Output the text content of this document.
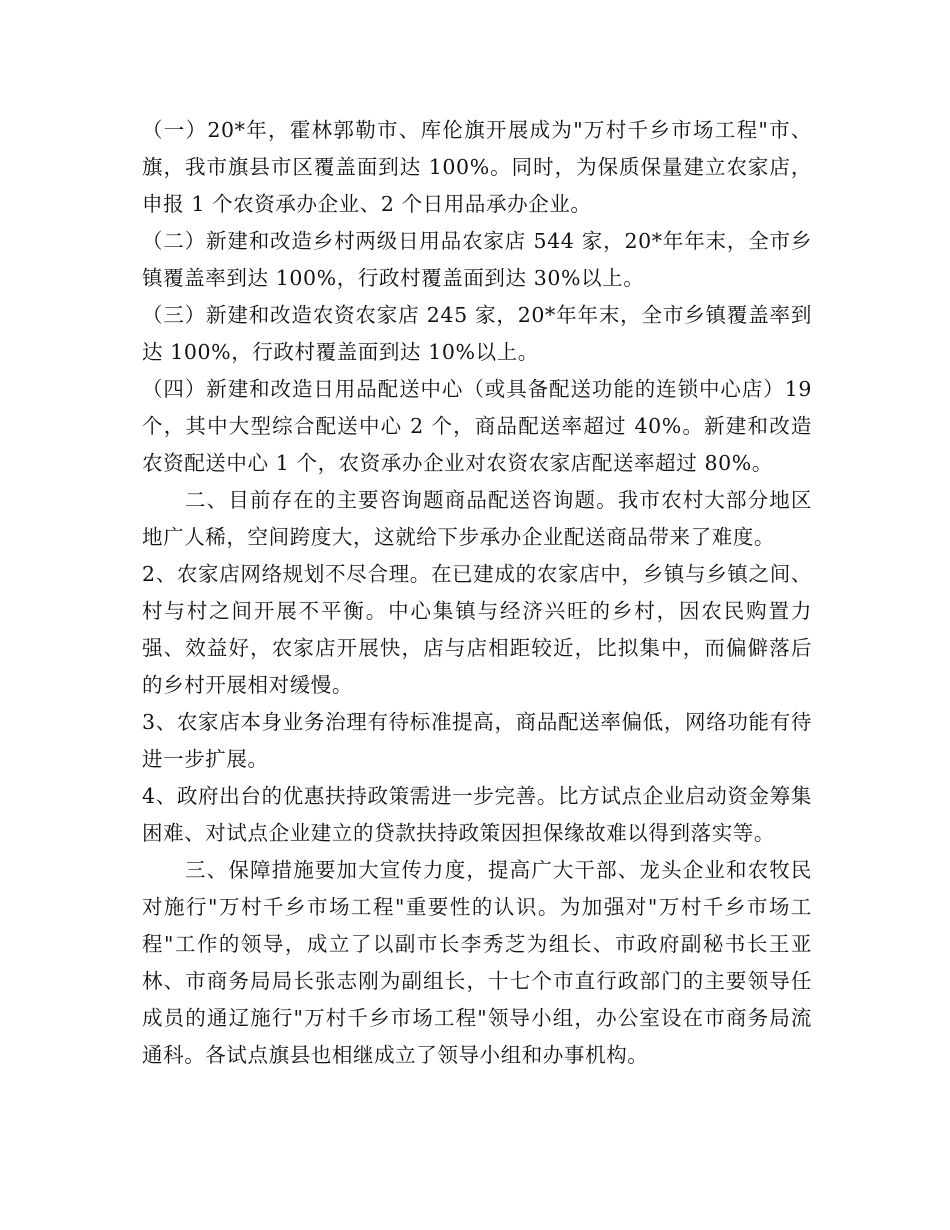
（一）20*年，霍林郭勒市、库伦旗开展成为"万村千乡市场工程"市、旗，我市旗县市区覆盖面到达 100%。同时，为保质保量建立农家店，申报 1 个农资承办企业、2 个日用品承办企业。

（二）新建和改造乡村两级日用品农家店 544 家，20*年年末，全市乡镇覆盖率到达 100%，行政村覆盖面到达 30%以上。

（三）新建和改造农资农家店 245 家，20*年年末，全市乡镇覆盖率到达 100%，行政村覆盖面到达 10%以上。

（四）新建和改造日用品配送中心（或具备配送功能的连锁中心店）19 个，其中大型综合配送中心 2 个，商品配送率超过 40%。新建和改造农资配送中心 1 个，农资承办企业对农资农家店配送率超过 80%。

二、目前存在的主要咨询题商品配送咨询题。我市农村大部分地区地广人稀，空间跨度大，这就给下步承办企业配送商品带来了难度。

2、农家店网络规划不尽合理。在已建成的农家店中，乡镇与乡镇之间、村与村之间开展不平衡。中心集镇与经济兴旺的乡村，因农民购置力强、效益好，农家店开展快，店与店相距较近，比拟集中，而偏僻落后的乡村开展相对缓慢。

3、农家店本身业务治理有待标准提高，商品配送率偏低，网络功能有待进一步扩展。

4、政府出台的优惠扶持政策需进一步完善。比方试点企业启动资金筹集困难、对试点企业建立的贷款扶持政策因担保缘故难以得到落实等。

三、保障措施要加大宣传力度，提高广大干部、龙头企业和农牧民对施行"万村千乡市场工程"重要性的认识。为加强对"万村千乡市场工程"工作的领导，成立了以副市长李秀芝为组长、市政府副秘书长王亚林、市商务局局长张志刚为副组长，十七个市直行政部门的主要领导任成员的通辽施行"万村千乡市场工程"领导小组，办公室设在市商务局流通科。各试点旗县也相继成立了领导小组和办事机构。
